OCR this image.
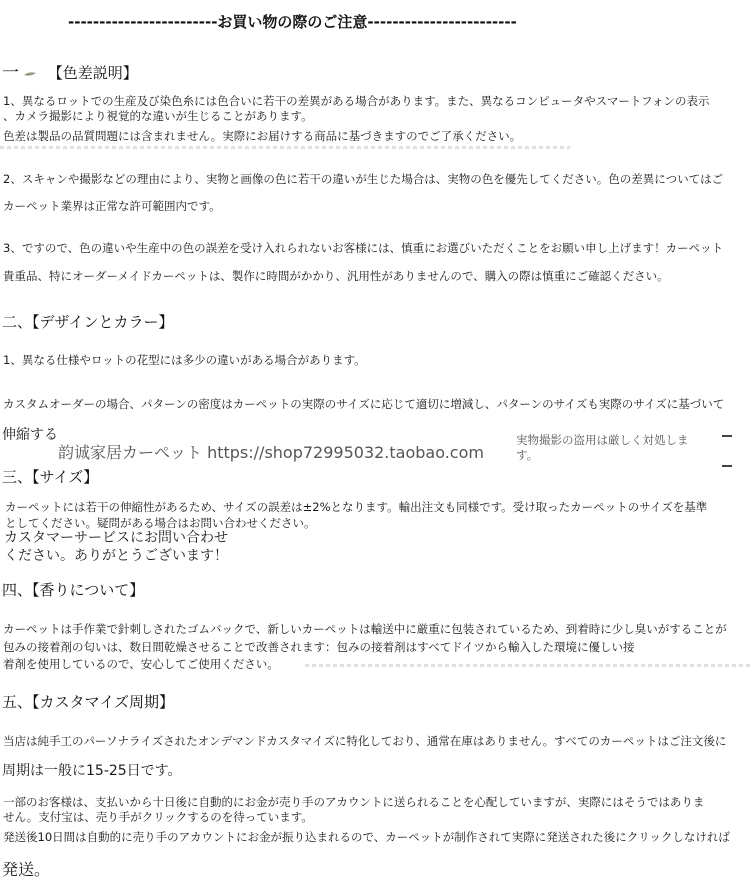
------------------------お買い物の際のご注意------------------------
一 【色差説明】
1、異なるロットでの生産及び染色糸には色合いに若干の差異がある場合があります。また、異なるコンピュータやスマートフォンの表示
、カメラ撮影により視覚的な違いが生じることがあります。
色差は製品の品質問題には含まれません。実際にお届けする商品に基づきますのでご了承ください。
2、スキャンや撮影などの理由により、実物と画像の色に若干の違いが生じた場合は、実物の色を優先してください。色の差異についてはご
カーペット業界は正常な許可範囲内です。
3、ですので、色の違いや生産中の色の誤差を受け入れられないお客様には、慎重にお選びいただくことをお願い申し上げます！カーペット
貴重品、特にオーダーメイドカーペットは、製作に時間がかかり、汎用性がありませんので、購入の際は慎重にご確認ください。
二、【デザインとカラー】
1、異なる仕様やロットの花型には多少の違いがある場合があります。
カスタムオーダーの場合、パターンの密度はカーペットの実際のサイズに応じて適切に増減し、パターンのサイズも実際のサイズに基づいて
伸縮する
韵诚家居カーペット https://shop72995032.taobao.com
実物撮影の盗用は厳しく対処します。
三、【サイズ】
カーペットには若干の伸縮性があるため、サイズの誤差は±2%となります。輸出注文も同様です。受け取ったカーペットのサイズを基準
としてください。疑問がある場合はお問い合わせください。
カスタマーサービスにお問い合わせ
ください。ありがとうございます！
四、【香りについて】
カーペットは手作業で針刺しされたゴムバックで、新しいカーペットは輸送中に厳重に包装されているため、到着時に少し臭いがすることが
包みの接着剤の匂いは、数日間乾燥させることで改善されます：包みの接着剤はすべてドイツから輸入した環境に優しい接
着剤を使用しているので、安心してご使用ください。
五、【カスタマイズ周期】
当店は純手工のパーソナライズされたオンデマンドカスタマイズに特化しており、通常在庫はありません。すべてのカーペットはご注文後に
周期は一般に15-25日です。
一部のお客様は、支払いから十日後に自動的にお金が売り手のアカウントに送られることを心配していますが、実際にはそうではありま
せん。支付宝は、売り手がクリックするのを待っています。
発送後10日間は自動的に売り手のアカウントにお金が振り込まれるので、カーペットが制作されて実際に発送された後にクリックしなければ
発送。
